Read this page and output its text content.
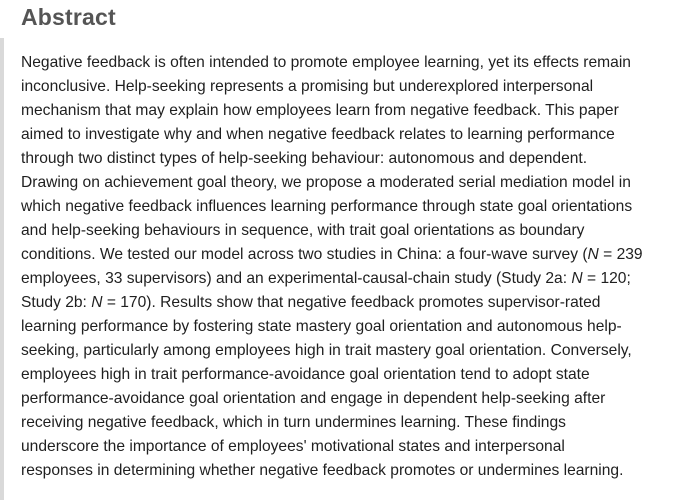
Abstract

Negative feedback is often intended to promote employee learning, yet its effects remain
inconclusive. Help-seeking represents a promising but underexplored interpersonal
mechanism that may explain how employees learn from negative feedback. This paper
aimed to investigate why and when negative feedback relates to learning performance
through two distinct types of help-seeking behaviour: autonomous and dependent.
Drawing on achievement goal theory, we propose a moderated serial mediation model in
which negative feedback influences learning performance through state goal orientations
and help-seeking behaviours in sequence, with trait goal orientations as boundary
conditions. We tested our model across two studies in China: a four-wave survey (N = 239
employees, 33 supervisors) and an experimental-causal-chain study (Study 2a: N = 120;
Study 2b: N = 170). Results show that negative feedback promotes supervisor-rated
learning performance by fostering state mastery goal orientation and autonomous help-
seeking, particularly among employees high in trait mastery goal orientation. Conversely,
employees high in trait performance-avoidance goal orientation tend to adopt state
performance-avoidance goal orientation and engage in dependent help-seeking after
receiving negative feedback, which in turn undermines learning. These findings
underscore the importance of employees' motivational states and interpersonal
responses in determining whether negative feedback promotes or undermines learning.
